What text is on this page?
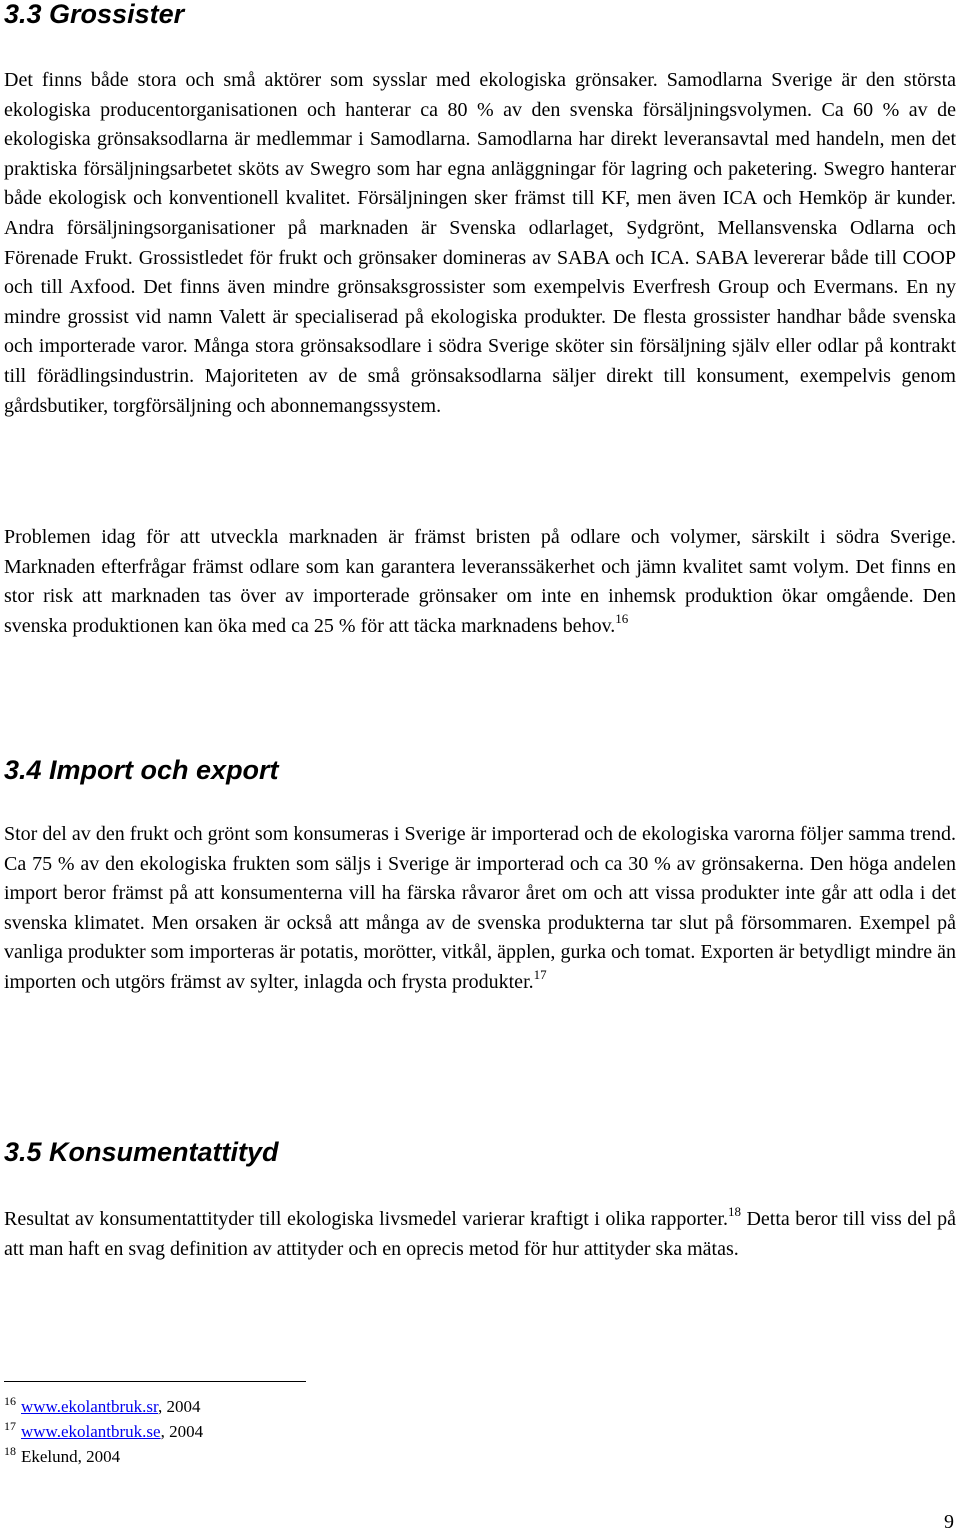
3.3 Grossister

Det finns både stora och små aktörer som sysslar med ekologiska grönsaker. Samodlarna Sverige är den största ekologiska producentorganisationen och hanterar ca 80 % av den svenska försäljningsvolymen. Ca 60 % av de ekologiska grönsaksodlarna är medlemmar i Samodlarna. Samodlarna har direkt leveransavtal med handeln, men det praktiska försäljningsarbetet sköts av Swegro som har egna anläggningar för lagring och paketering. Swegro hanterar både ekologisk och konventionell kvalitet. Försäljningen sker främst till KF, men även ICA och Hemköp är kunder. Andra försäljningsorganisationer på marknaden är Svenska odlarlaget, Sydgrönt, Mellansvenska Odlarna och Förenade Frukt. Grossistledet för frukt och grönsaker domineras av SABA och ICA. SABA levererar både till COOP och till Axfood. Det finns även mindre grönsaksgrossister som exempelvis Everfresh Group och Evermans. En ny mindre grossist vid namn Valett är specialiserad på ekologiska produkter. De flesta grossister handhar både svenska och importerade varor. Många stora grönsaksodlare i södra Sverige sköter sin försäljning själv eller odlar på kontrakt till förädlingsindustrin. Majoriteten av de små grönsaksodlarna säljer direkt till konsument, exempelvis genom gårdsbutiker, torgförsäljning och abonnemangssystem.

Problemen idag för att utveckla marknaden är främst bristen på odlare och volymer, särskilt i södra Sverige. Marknaden efterfrågar främst odlare som kan garantera leveranssäkerhet och jämn kvalitet samt volym. Det finns en stor risk att marknaden tas över av importerade grönsaker om inte en inhemsk produktion ökar omgående. Den svenska produktionen kan öka med ca 25 % för att täcka marknadens behov.$^{16}$

3.4 Import och export

Stor del av den frukt och grönt som konsumeras i Sverige är importerad och de ekologiska varorna följer samma trend. Ca 75 % av den ekologiska frukten som säljs i Sverige är importerad och ca 30 % av grönsakerna. Den höga andelen import beror främst på att konsumenterna vill ha färska råvaror året om och att vissa produkter inte går att odla i det svenska klimatet. Men orsaken är också att många av de svenska produkterna tar slut på försommaren. Exempel på vanliga produkter som importeras är potatis, morötter, vitkål, äpplen, gurka och tomat. Exporten är betydligt mindre än importen och utgörs främst av sylter, inlagda och frysta produkter.$^{17}$

3.5 Konsumentattityd

Resultat av konsumentattityder till ekologiska livsmedel varierar kraftigt i olika rapporter.$^{18}$ Detta beror till viss del på att man haft en svag definition av attityder och en oprecis metod för hur attityder ska mätas.

$^{16}$ www.ekolantbruk.sr, 2004
$^{17}$ www.ekolantbruk.se, 2004
$^{18}$ Ekelund, 2004
9
